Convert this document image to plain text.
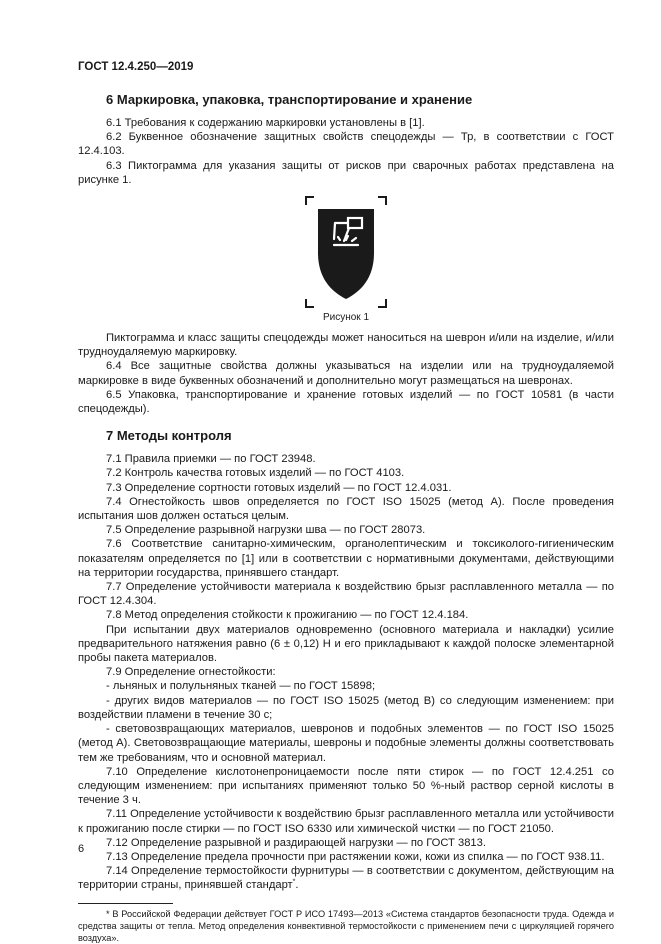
ГОСТ 12.4.250—2019
6 Маркировка, упаковка, транспортирование и хранение

6.1 Требования к содержанию маркировки установлены в [1].

6.2 Буквенное обозначение защитных свойств спецодежды — Тр, в соответствии с ГОСТ 12.4.103.

6.3 Пиктограмма для указания защиты от рисков при сварочных работах представлена на рисунке 1.

Рисунок 1

Пиктограмма и класс защиты спецодежды может наноситься на шеврон и/или на изделие, и/или трудноудаляемую маркировку.

6.4 Все защитные свойства должны указываться на изделии или на трудноудаляемой маркировке в виде буквенных обозначений и дополнительно могут размещаться на шевронах.

6.5 Упаковка, транспортирование и хранение готовых изделий — по ГОСТ 10581 (в части спецодежды).

7 Методы контроля

7.1 Правила приемки — по ГОСТ 23948.

7.2 Контроль качества готовых изделий — по ГОСТ 4103.

7.3 Определение сортности готовых изделий — по ГОСТ 12.4.031.

7.4 Огнестойкость швов определяется по ГОСТ ISO 15025 (метод А). После проведения испытания шов должен остаться целым.

7.5 Определение разрывной нагрузки шва — по ГОСТ 28073.

7.6 Соответствие санитарно-химическим, органолептическим и токсиколого-гигиеническим показателям определяется по [1] или в соответствии с нормативными документами, действующими на территории государства, принявшего стандарт.

7.7 Определение устойчивости материала к воздействию брызг расплавленного металла — по ГОСТ 12.4.304.

7.8 Метод определения стойкости к прожиганию — по ГОСТ 12.4.184.

При испытании двух материалов одновременно (основного материала и накладки) усилие предварительного натяжения равно (6 ± 0,12) Н и его прикладывают к каждой полоске элементарной пробы пакета материалов.

7.9 Определение огнестойкости:

- льняных и полульняных тканей — по ГОСТ 15898;

- других видов материалов — по ГОСТ ISO 15025 (метод В) со следующим изменением: при воздействии пламени в течение 30 с;

- световозвращающих материалов, шевронов и подобных элементов — по ГОСТ ISO 15025 (метод А). Световозвращающие материалы, шевроны и подобные элементы должны соответствовать тем же требованиям, что и основной материал.

7.10 Определение кислотонепроницаемости после пяти стирок — по ГОСТ 12.4.251 со следующим изменением: при испытаниях применяют только 50 %-ный раствор серной кислоты в течение 3 ч.

7.11 Определение устойчивости к воздействию брызг расплавленного металла или устойчивости к прожиганию после стирки — по ГОСТ ISO 6330 или химической чистки — по ГОСТ 21050.

7.12 Определение разрывной и раздирающей нагрузки — по ГОСТ 3813.

7.13 Определение предела прочности при растяжении кожи, кожи из спилка — по ГОСТ 938.11.

7.14 Определение термостойкости фурнитуры — в соответствии с документом, действующим на территории страны, принявшей стандарт*.

* В Российской Федерации действует ГОСТ Р ИСО 17493—2013 «Система стандартов безопасности труда. Одежда и средства защиты от тепла. Метод определения конвективной термостойкости с применением печи с циркуляцией горячего воздуха».

6
